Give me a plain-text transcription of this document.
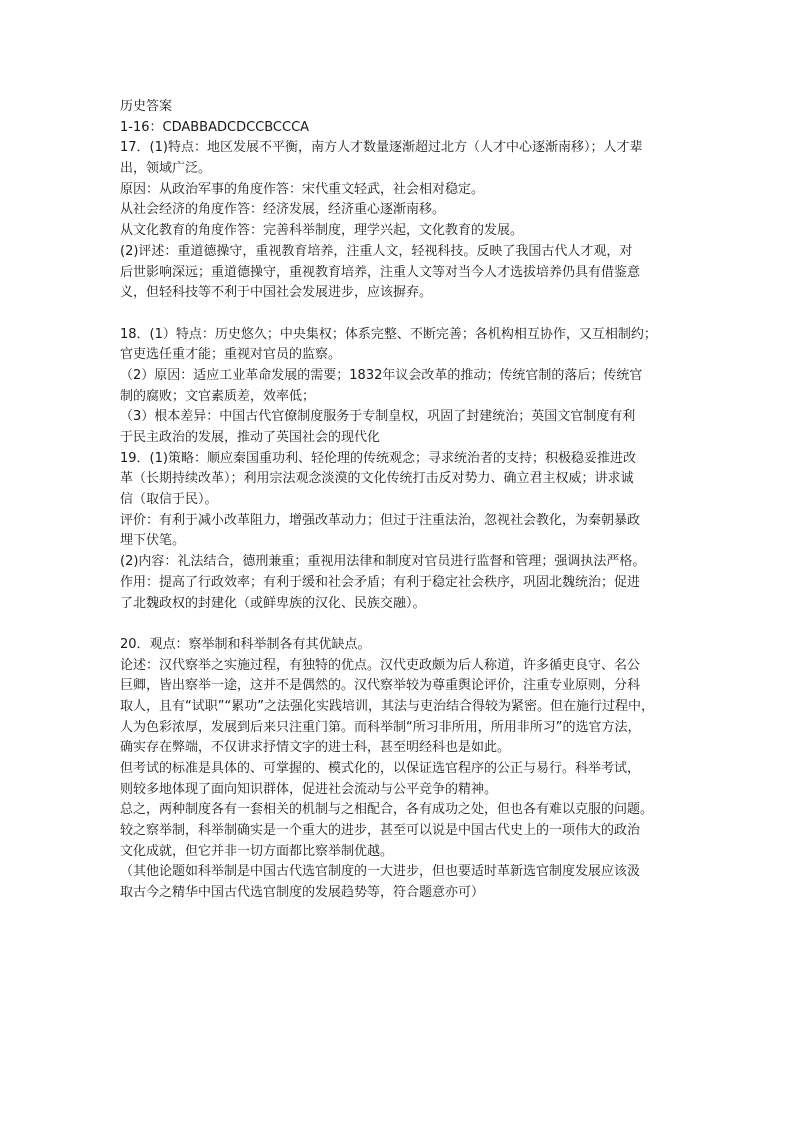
历史答案
1-16：CDABBADCDCCBCCCA
17．(1)特点：地区发展不平衡，南方人才数量逐渐超过北方（人才中心逐渐南移）；人才辈
出，领域广泛。
原因：从政治军事的角度作答：宋代重文轻武，社会相对稳定。
从社会经济的角度作答：经济发展，经济重心逐渐南移。
从文化教育的角度作答：完善科举制度，理学兴起，文化教育的发展。
(2)评述：重道德操守，重视教育培养，注重人文，轻视科技。反映了我国古代人才观，对
后世影响深远；重道德操守，重视教育培养，注重人文等对当今人才选拔培养仍具有借鉴意
义，但轻科技等不利于中国社会发展进步，应该摒弃。
18．(1）特点：历史悠久；中央集权；体系完整、不断完善；各机构相互协作，又互相制约；
官吏选任重才能；重视对官员的监察。
（2）原因：适应工业革命发展的需要；1832年议会改革的推动；传统官制的落后；传统官
制的腐败；文官素质差，效率低；
（3）根本差异：中国古代官僚制度服务于专制皇权，巩固了封建统治；英国文官制度有利
于民主政治的发展，推动了英国社会的现代化
19．(1)策略：顺应秦国重功利、轻伦理的传统观念；寻求统治者的支持；积极稳妥推进改
革（长期持续改革）；利用宗法观念淡漠的文化传统打击反对势力、确立君主权威；讲求诚
信（取信于民）。
评价：有利于减小改革阻力，增强改革动力；但过于注重法治，忽视社会教化，为秦朝暴政
埋下伏笔。
(2)内容：礼法结合，德刑兼重；重视用法律和制度对官员进行监督和管理；强调执法严格。
作用：提高了行政效率；有利于缓和社会矛盾；有利于稳定社会秩序，巩固北魏统治；促进
了北魏政权的封建化（或鲜卑族的汉化、民族交融）。
20．观点：察举制和科举制各有其优缺点。
论述：汉代察举之实施过程，有独特的优点。汉代吏政颇为后人称道，许多循吏良守、名公
巨卿，皆出察举一途，这并不是偶然的。汉代察举较为尊重舆论评价，注重专业原则，分科
取人，且有“试职”“累功”之法强化实践培训，其法与吏治结合得较为紧密。但在施行过程中，
人为色彩浓厚，发展到后来只注重门第。而科举制“所习非所用，所用非所习”的选官方法，
确实存在弊端，不仅讲求抒情文字的进士科，甚至明经科也是如此。
但考试的标准是具体的、可掌握的、模式化的，以保证选官程序的公正与易行。科举考试，
则较多地体现了面向知识群体，促进社会流动与公平竞争的精神。
总之，两种制度各有一套相关的机制与之相配合，各有成功之处，但也各有难以克服的问题。
较之察举制，科举制确实是一个重大的进步，甚至可以说是中国古代史上的一项伟大的政治
文化成就，但它并非一切方面都比察举制优越。
（其他论题如科举制是中国古代选官制度的一大进步，但也要适时革新选官制度发展应该汲
取古今之精华中国古代选官制度的发展趋势等，符合题意亦可）
